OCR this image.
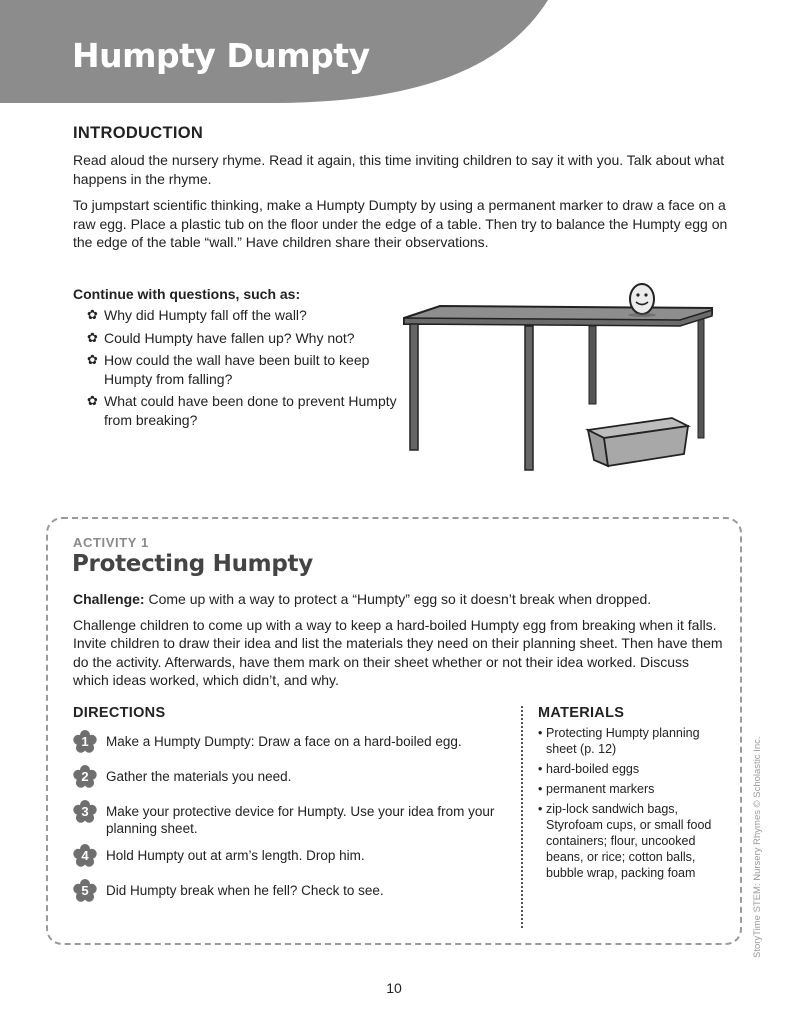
Humpty Dumpty
INTRODUCTION

Read aloud the nursery rhyme. Read it again, this time inviting children to say it with you. Talk about what happens in the rhyme.

To jumpstart scientific thinking, make a Humpty Dumpty by using a permanent marker to draw a face on a raw egg. Place a plastic tub on the floor under the edge of a table. Then try to balance the Humpty egg on the edge of the table “wall.” Have children share their observations.

Continue with questions, such as:
✿ Why did Humpty fall off the wall?
✿ Could Humpty have fallen up? Why not?
✿ How could the wall have been built to keep Humpty from falling?
✿ What could have been done to prevent Humpty from breaking?
ACTIVITY 1
Protecting Humpty

Challenge: Come up with a way to protect a “Humpty” egg so it doesn’t break when dropped.

Challenge children to come up with a way to keep a hard-boiled Humpty egg from breaking when it falls. Invite children to draw their idea and list the materials they need on their planning sheet. Then have them do the activity. Afterwards, have them mark on their sheet whether or not their idea worked. Discuss which ideas worked, which didn’t, and why.

DIRECTIONS
1	Make a Humpty Dumpty: Draw a face on a hard-boiled egg.
2	Gather the materials you need.
3	Make your protective device for Humpty. Use your idea from your planning sheet.
4	Hold Humpty out at arm’s length. Drop him.
5	Did Humpty break when he fell? Check to see.
MATERIALS
• Protecting Humpty planning sheet (p. 12)
• hard-boiled eggs
• permanent markers
• zip-lock sandwich bags, Styrofoam cups, or small food containers; flour, uncooked beans, or rice; cotton balls, bubble wrap, packing foam	StoryTime STEM: Nursery Rhymes © Scholastic Inc.
10
